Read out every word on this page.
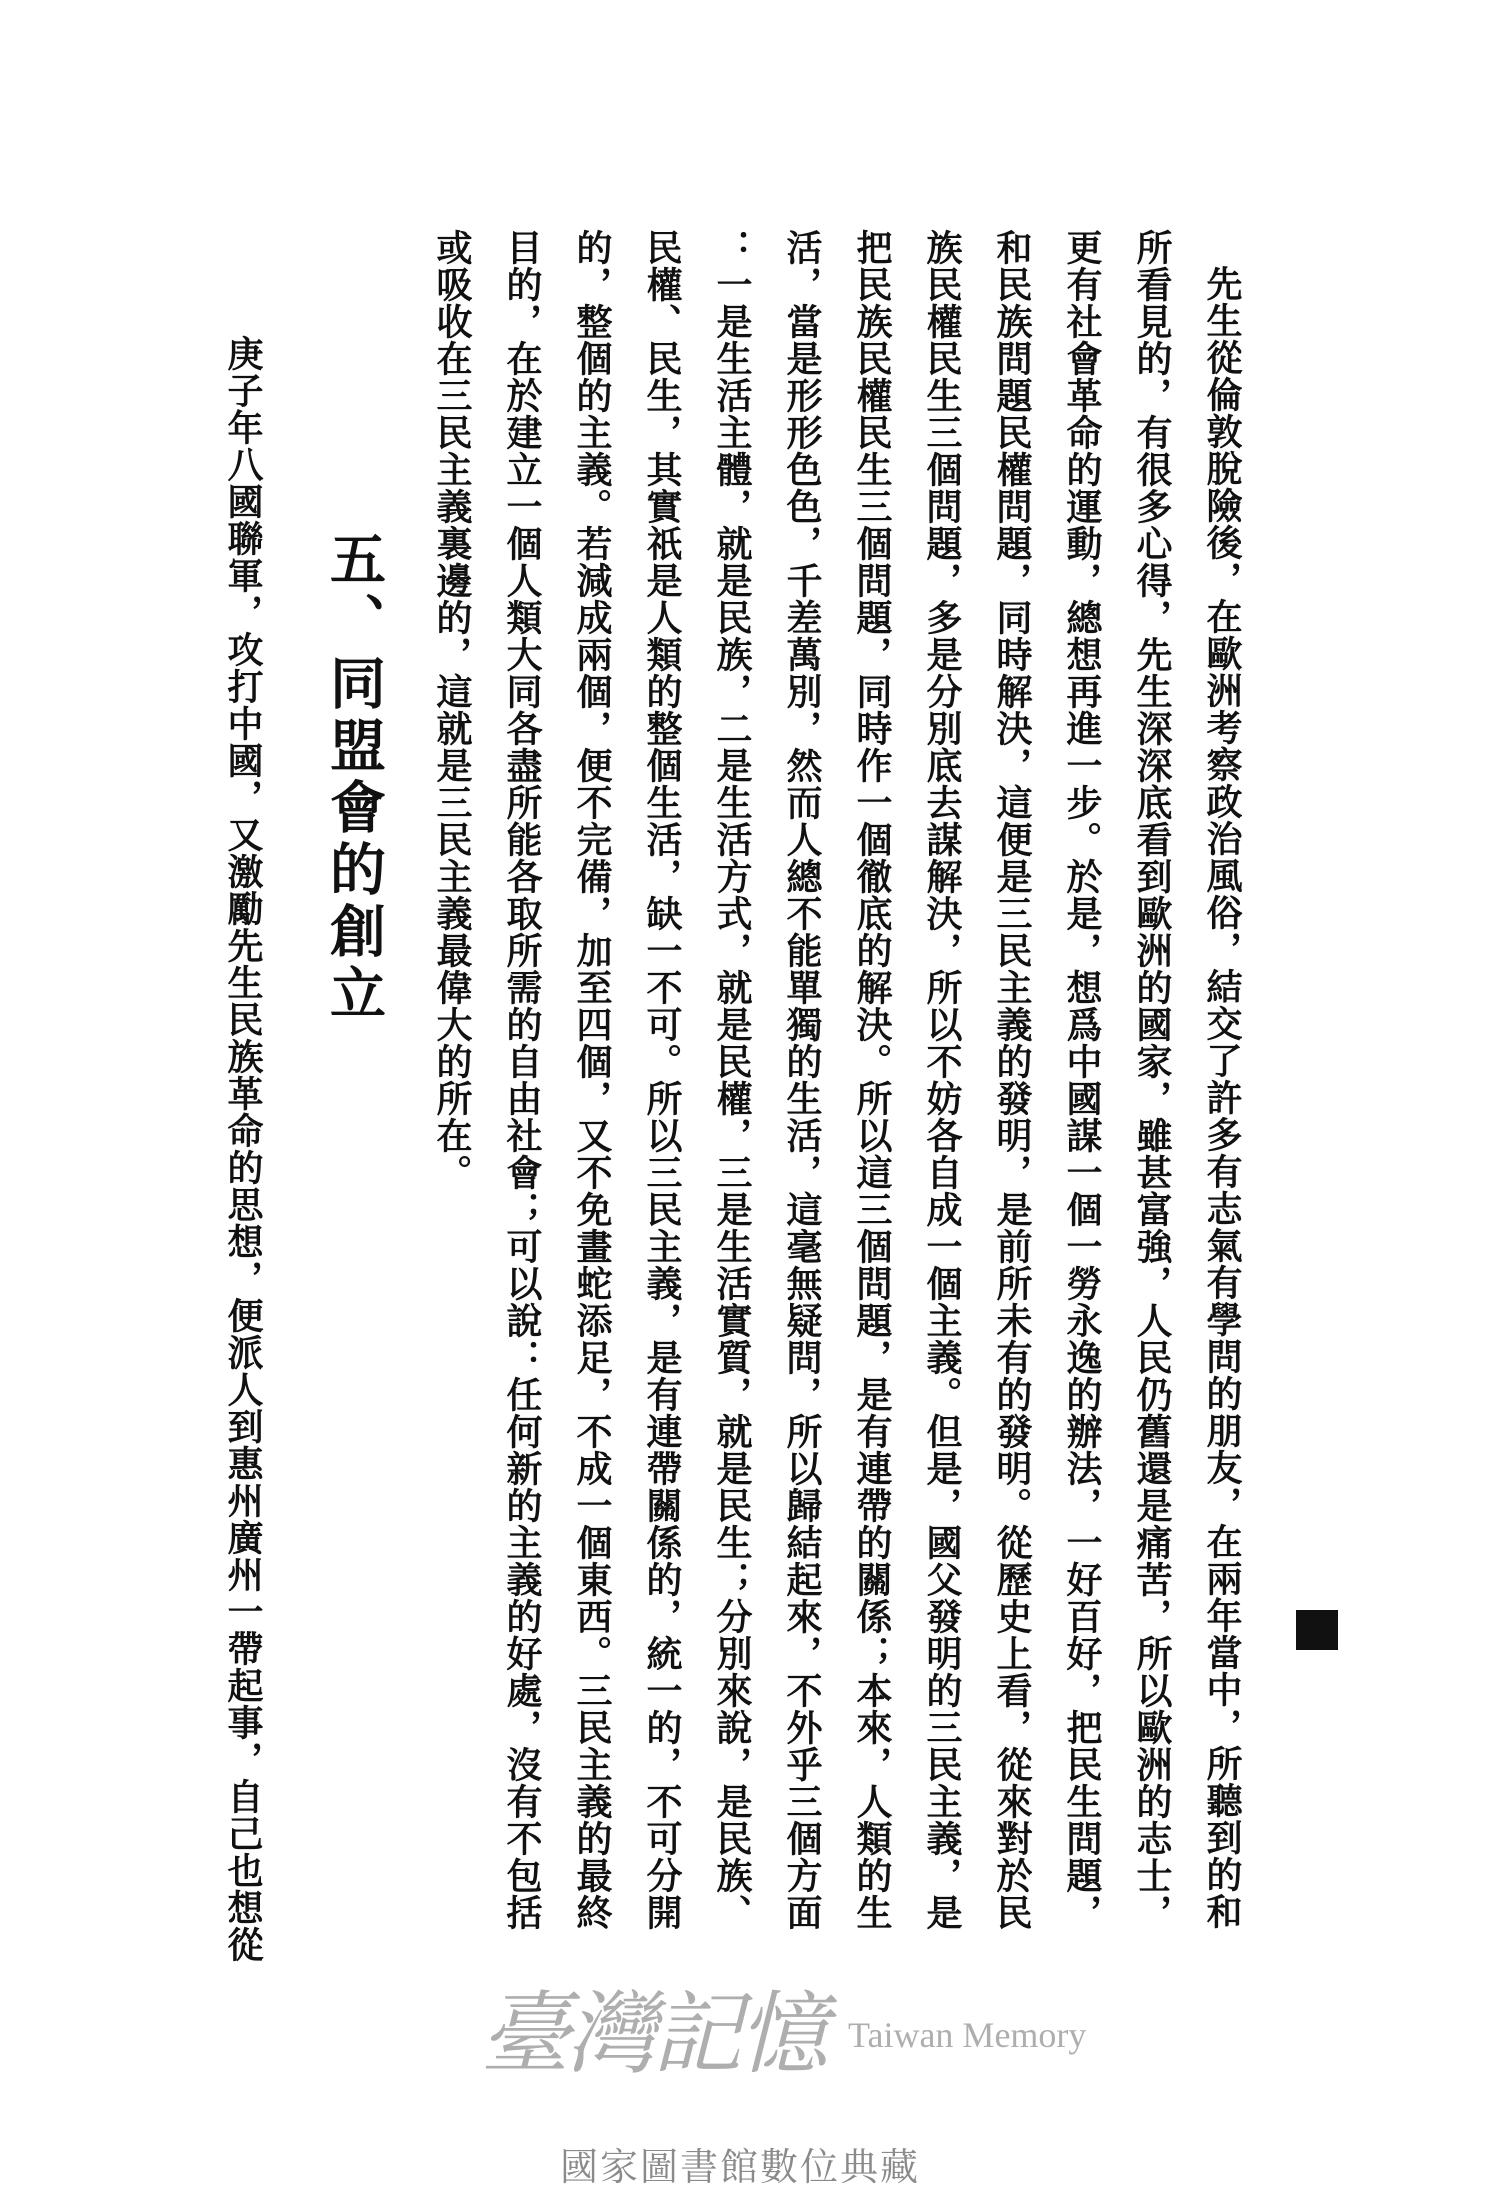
四
先生從倫敦脫險後，在歐洲考察政治風俗，結交了許多有志氣有學問的朋友，在兩年當中，所聽到的和
所看見的，有很多心得，先生深深底看到歐洲的國家，雖甚富強，人民仍舊還是痛苦，所以歐洲的志士，
更有社會革命的運動，總想再進一步。於是，想爲中國謀一個一勞永逸的辦法，一好百好，把民生問題，
和民族問題民權問題，同時解決，這便是三民主義的發明，是前所未有的發明。從歷史上看，從來對於民
族民權民生三個問題，多是分別底去謀解決，所以不妨各自成一個主義。但是，國父發明的三民主義，是
把民族民權民生三個問題，同時作一個徹底的解決。所以這三個問題，是有連帶的關係；本來，人類的生
活，當是形形色色，千差萬別，然而人總不能單獨的生活，這毫無疑問，所以歸結起來，不外乎三個方面
：一是生活主體，就是民族，二是生活方式，就是民權，三是生活實質，就是民生；分別來說，是民族、
民權、民生，其實祇是人類的整個生活，缺一不可。所以三民主義，是有連帶關係的，統一的，不可分開
的，整個的主義。若減成兩個，便不完備，加至四個，又不免畫蛇添足，不成一個東西。三民主義的最終
目的，在於建立一個人類大同各盡所能各取所需的自由社會；可以說：任何新的主義的好處，沒有不包括
或吸收在三民主義裏邊的，這就是三民主義最偉大的所在。
五、同盟會的創立
庚子年八國聯軍，攻打中國，又激勵先生民族革命的思想，便派人到惠州廣州一帶起事，自己也想從
臺灣記憶 Taiwan Memory
國家圖書館數位典藏
